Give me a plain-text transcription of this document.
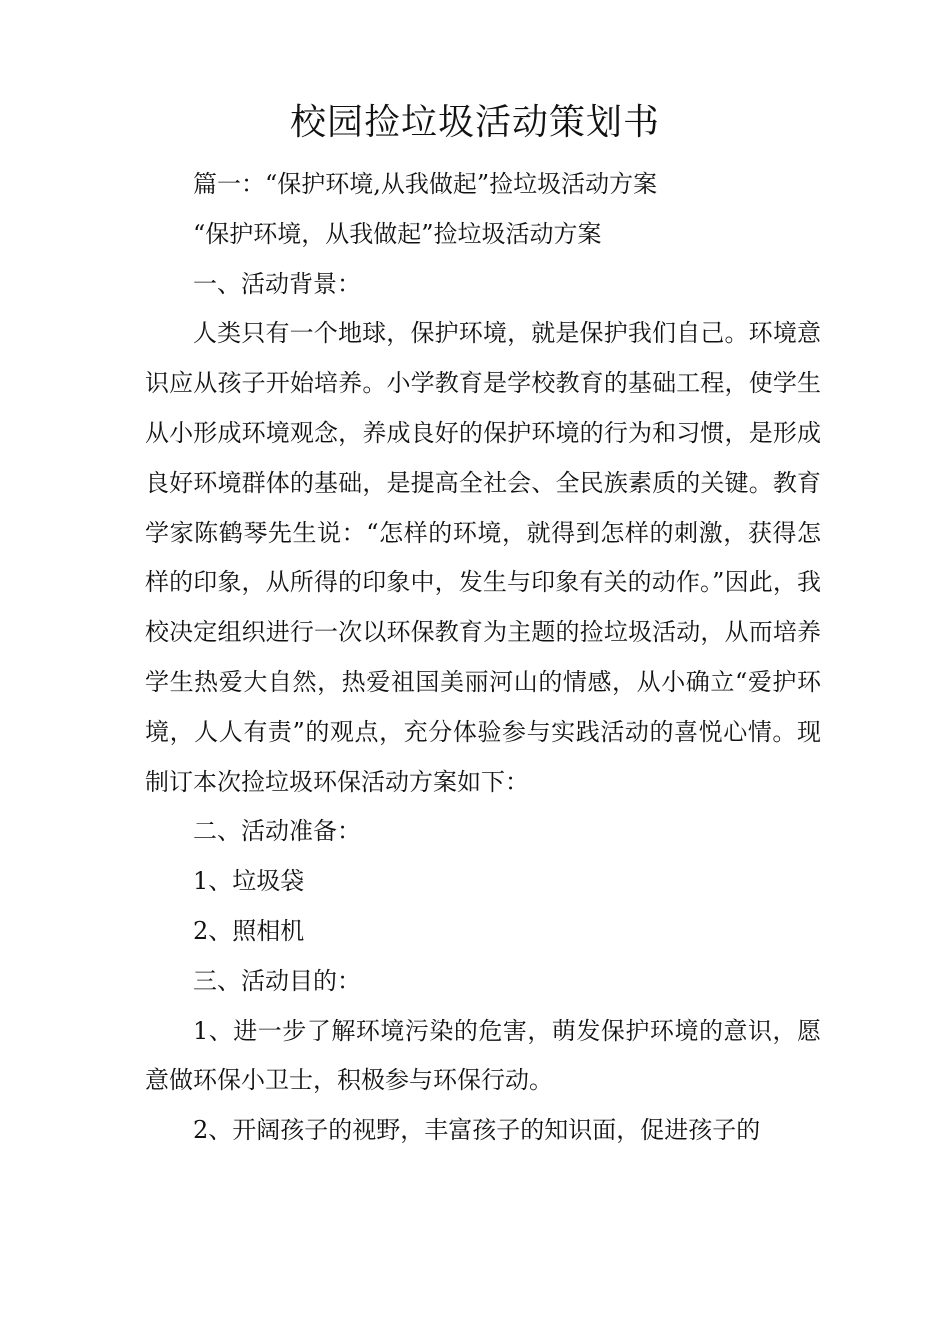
校园捡垃圾活动策划书

篇一：“保护环境,从我做起”捡垃圾活动方案

“保护环境，从我做起”捡垃圾活动方案

一、活动背景：

人类只有一个地球，保护环境，就是保护我们自己。环境意识应从孩子开始培养。小学教育是学校教育的基础工程，使学生从小形成环境观念，养成良好的保护环境的行为和习惯，是形成良好环境群体的基础，是提高全社会、全民族素质的关键。教育学家陈鹤琴先生说：“怎样的环境，就得到怎样的刺激，获得怎样的印象，从所得的印象中，发生与印象有关的动作。”因此，我校决定组织进行一次以环保教育为主题的捡垃圾活动，从而培养学生热爱大自然，热爱祖国美丽河山的情感，从小确立“爱护环境，人人有责”的观点，充分体验参与实践活动的喜悦心情。现制订本次捡垃圾环保活动方案如下：

二、活动准备：

1、垃圾袋

2、照相机

三、活动目的：

1、进一步了解环境污染的危害，萌发保护环境的意识，愿意做环保小卫士，积极参与环保行动。

2、开阔孩子的视野，丰富孩子的知识面，促进孩子的
